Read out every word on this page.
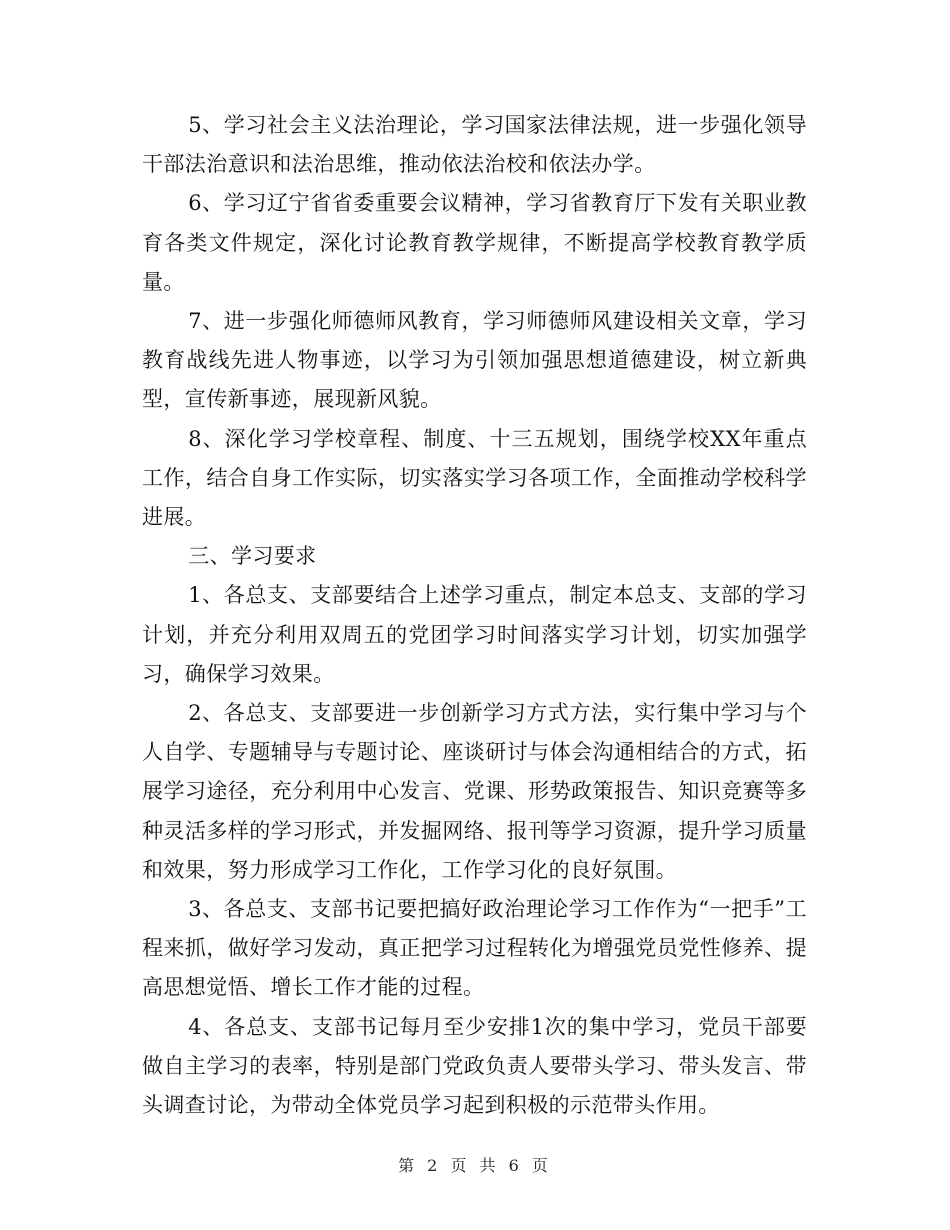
5、学习社会主义法治理论，学习国家法律法规，进一步强化领导干部法治意识和法治思维，推动依法治校和依法办学。

6、学习辽宁省省委重要会议精神，学习省教育厅下发有关职业教育各类文件规定，深化讨论教育教学规律，不断提高学校教育教学质量。

7、进一步强化师德师风教育，学习师德师风建设相关文章，学习教育战线先进人物事迹，以学习为引领加强思想道德建设，树立新典型，宣传新事迹，展现新风貌。

8、深化学习学校章程、制度、十三五规划，围绕学校XX年重点工作，结合自身工作实际，切实落实学习各项工作，全面推动学校科学进展。

三、学习要求

1、各总支、支部要结合上述学习重点，制定本总支、支部的学习计划，并充分利用双周五的党团学习时间落实学习计划，切实加强学习，确保学习效果。

2、各总支、支部要进一步创新学习方式方法，实行集中学习与个人自学、专题辅导与专题讨论、座谈研讨与体会沟通相结合的方式，拓展学习途径，充分利用中心发言、党课、形势政策报告、知识竞赛等多种灵活多样的学习形式，并发掘网络、报刊等学习资源，提升学习质量和效果，努力形成学习工作化，工作学习化的良好氛围。

3、各总支、支部书记要把搞好政治理论学习工作作为“一把手”工程来抓，做好学习发动，真正把学习过程转化为增强党员党性修养、提高思想觉悟、增长工作才能的过程。

4、各总支、支部书记每月至少安排1次的集中学习，党员干部要做自主学习的表率，特别是部门党政负责人要带头学习、带头发言、带头调查讨论，为带动全体党员学习起到积极的示范带头作用。

第 2 页 共 6 页
